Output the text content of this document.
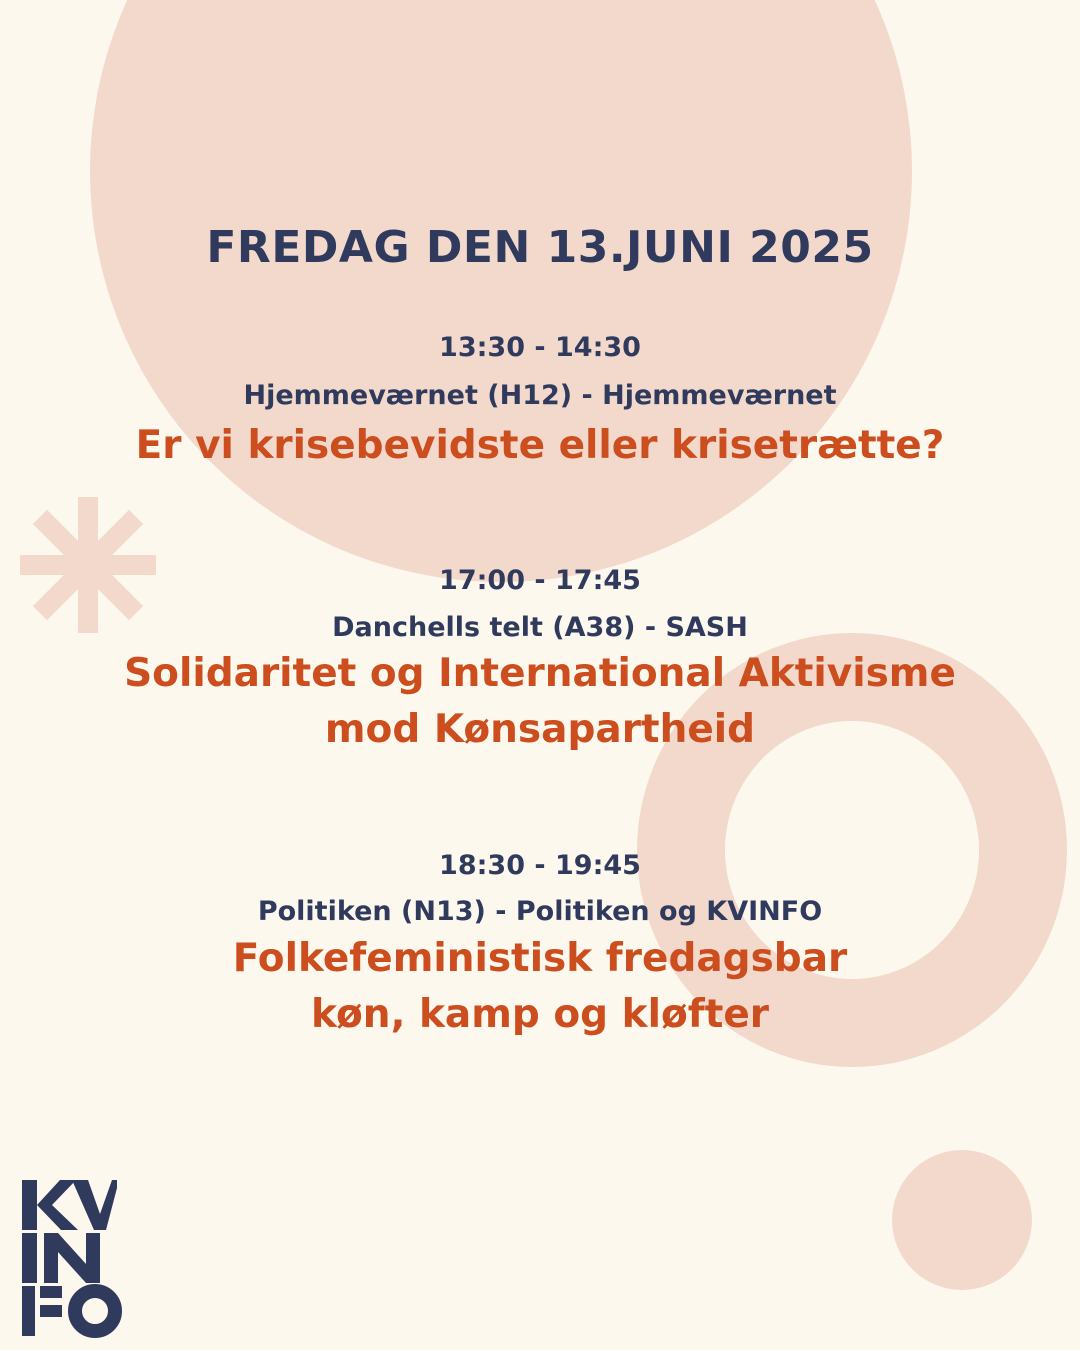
FREDAG DEN 13.JUNI 2025
13:30 - 14:30
Hjemmeværnet (H12) - Hjemmeværnet
Er vi krisebevidste eller krisetrætte?
17:00 - 17:45
Danchells telt (A38) - SASH
Solidaritet og International Aktivisme
mod Kønsapartheid
18:30 - 19:45
Politiken (N13) - Politiken og KVINFO
Folkefeministisk fredagsbar
køn, kamp og kløfter
